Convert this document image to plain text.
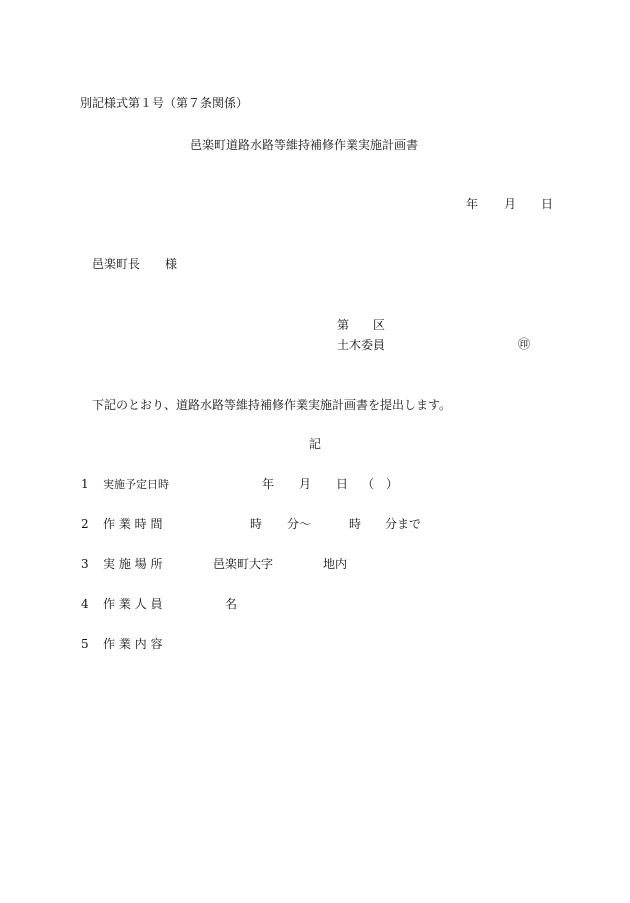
別記様式第１号（第７条関係）
邑楽町道路水路等維持補修作業実施計画書
年 月 日
邑楽町長 様
第 区
土木委員	㊞
下記のとおり、道路水路等維持補修作業実施計画書を提出します。
記
1 実施予定日時	年 月 日 （　）
2 作 業 時 間	時 分～	時 分まで
3 実 施 場 所	邑楽町大字	地内
4 作 業 人 員	名
5 作 業 内 容
